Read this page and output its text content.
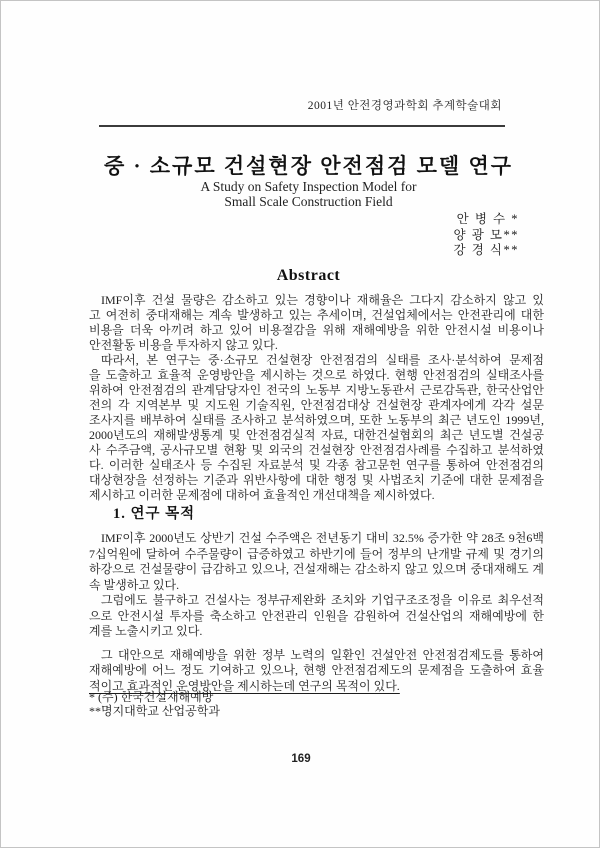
2001년 안전경영과학회 추계학술대회
중 · 소규모 건설현장 안전점검 모델 연구
A Study on Safety Inspection Model for
Small Scale Construction Field
안 병 수 *
양 광 모**
강 경 식**
Abstract
IMF이후 건설 물량은 감소하고 있는 경향이나 재해율은 그다지 감소하지 않고 있
고 여전히 중대재해는 계속 발생하고 있는 추세이며, 건설업체에서는 안전관리에 대한
비용을 더욱 아끼려 하고 있어 비용절감을 위해 재해예방을 위한 안전시설 비용이나
안전활동 비용을 투자하지 않고 있다.
따라서, 본 연구는 중·소규모 건설현장 안전점검의 실태를 조사·분석하여 문제점
을 도출하고 효율적 운영방안을 제시하는 것으로 하였다. 현행 안전점검의 실태조사를
위하여 안전점검의 관계담당자인 전국의 노동부 지방노동관서 근로감독관, 한국산업안
전의 각 지역본부 및 지도원 기술직원, 안전점검대상 건설현장 관계자에게 각각 설문
조사지를 배부하여 실태를 조사하고 분석하였으며, 또한 노동부의 최근 년도인 1999년,
2000년도의 재해발생통계 및 안전점검실적 자료, 대한건설협회의 최근 년도별 건설공
사 수주금액, 공사규모별 현황 및 외국의 건설현장 안전점검사례를 수집하고 분석하였
다. 이러한 실태조사 등 수집된 자료분석 및 각종 참고문헌 연구를 통하여 안전점검의
대상현장을 선정하는 기준과 위반사항에 대한 행정 및 사법조치 기준에 대한 문제점을
제시하고 이러한 문제점에 대하여 효율적인 개선대책을 제시하였다.
1. 연구 목적
IMF이후 2000년도 상반기 건설 수주액은 전년동기 대비 32.5% 증가한 약 28조 9천6백
7십억원에 달하여 수주물량이 급증하였고 하반기에 들어 정부의 난개발 규제 및 경기의
하강으로 건설물량이 급감하고 있으나, 건설재해는 감소하지 않고 있으며 중대재해도 계
속 발생하고 있다.
그럼에도 불구하고 건설사는 정부규제완화 조치와 기업구조조정을 이유로 최우선적
으로 안전시설 투자를 축소하고 안전관리 인원을 감원하여 건설산업의 재해예방에 한
계를 노출시키고 있다.
그 대안으로 재해예방을 위한 정부 노력의 일환인 건설안전 안전점검제도를 통하여
재해예방에 어느 정도 기여하고 있으나, 현행 안전점검제도의 문제점을 도출하여 효율
적이고 효과적인 운영방안을 제시하는데 연구의 목적이 있다.
* (주) 한국건설재해예방
**명지대학교 산업공학과
169
